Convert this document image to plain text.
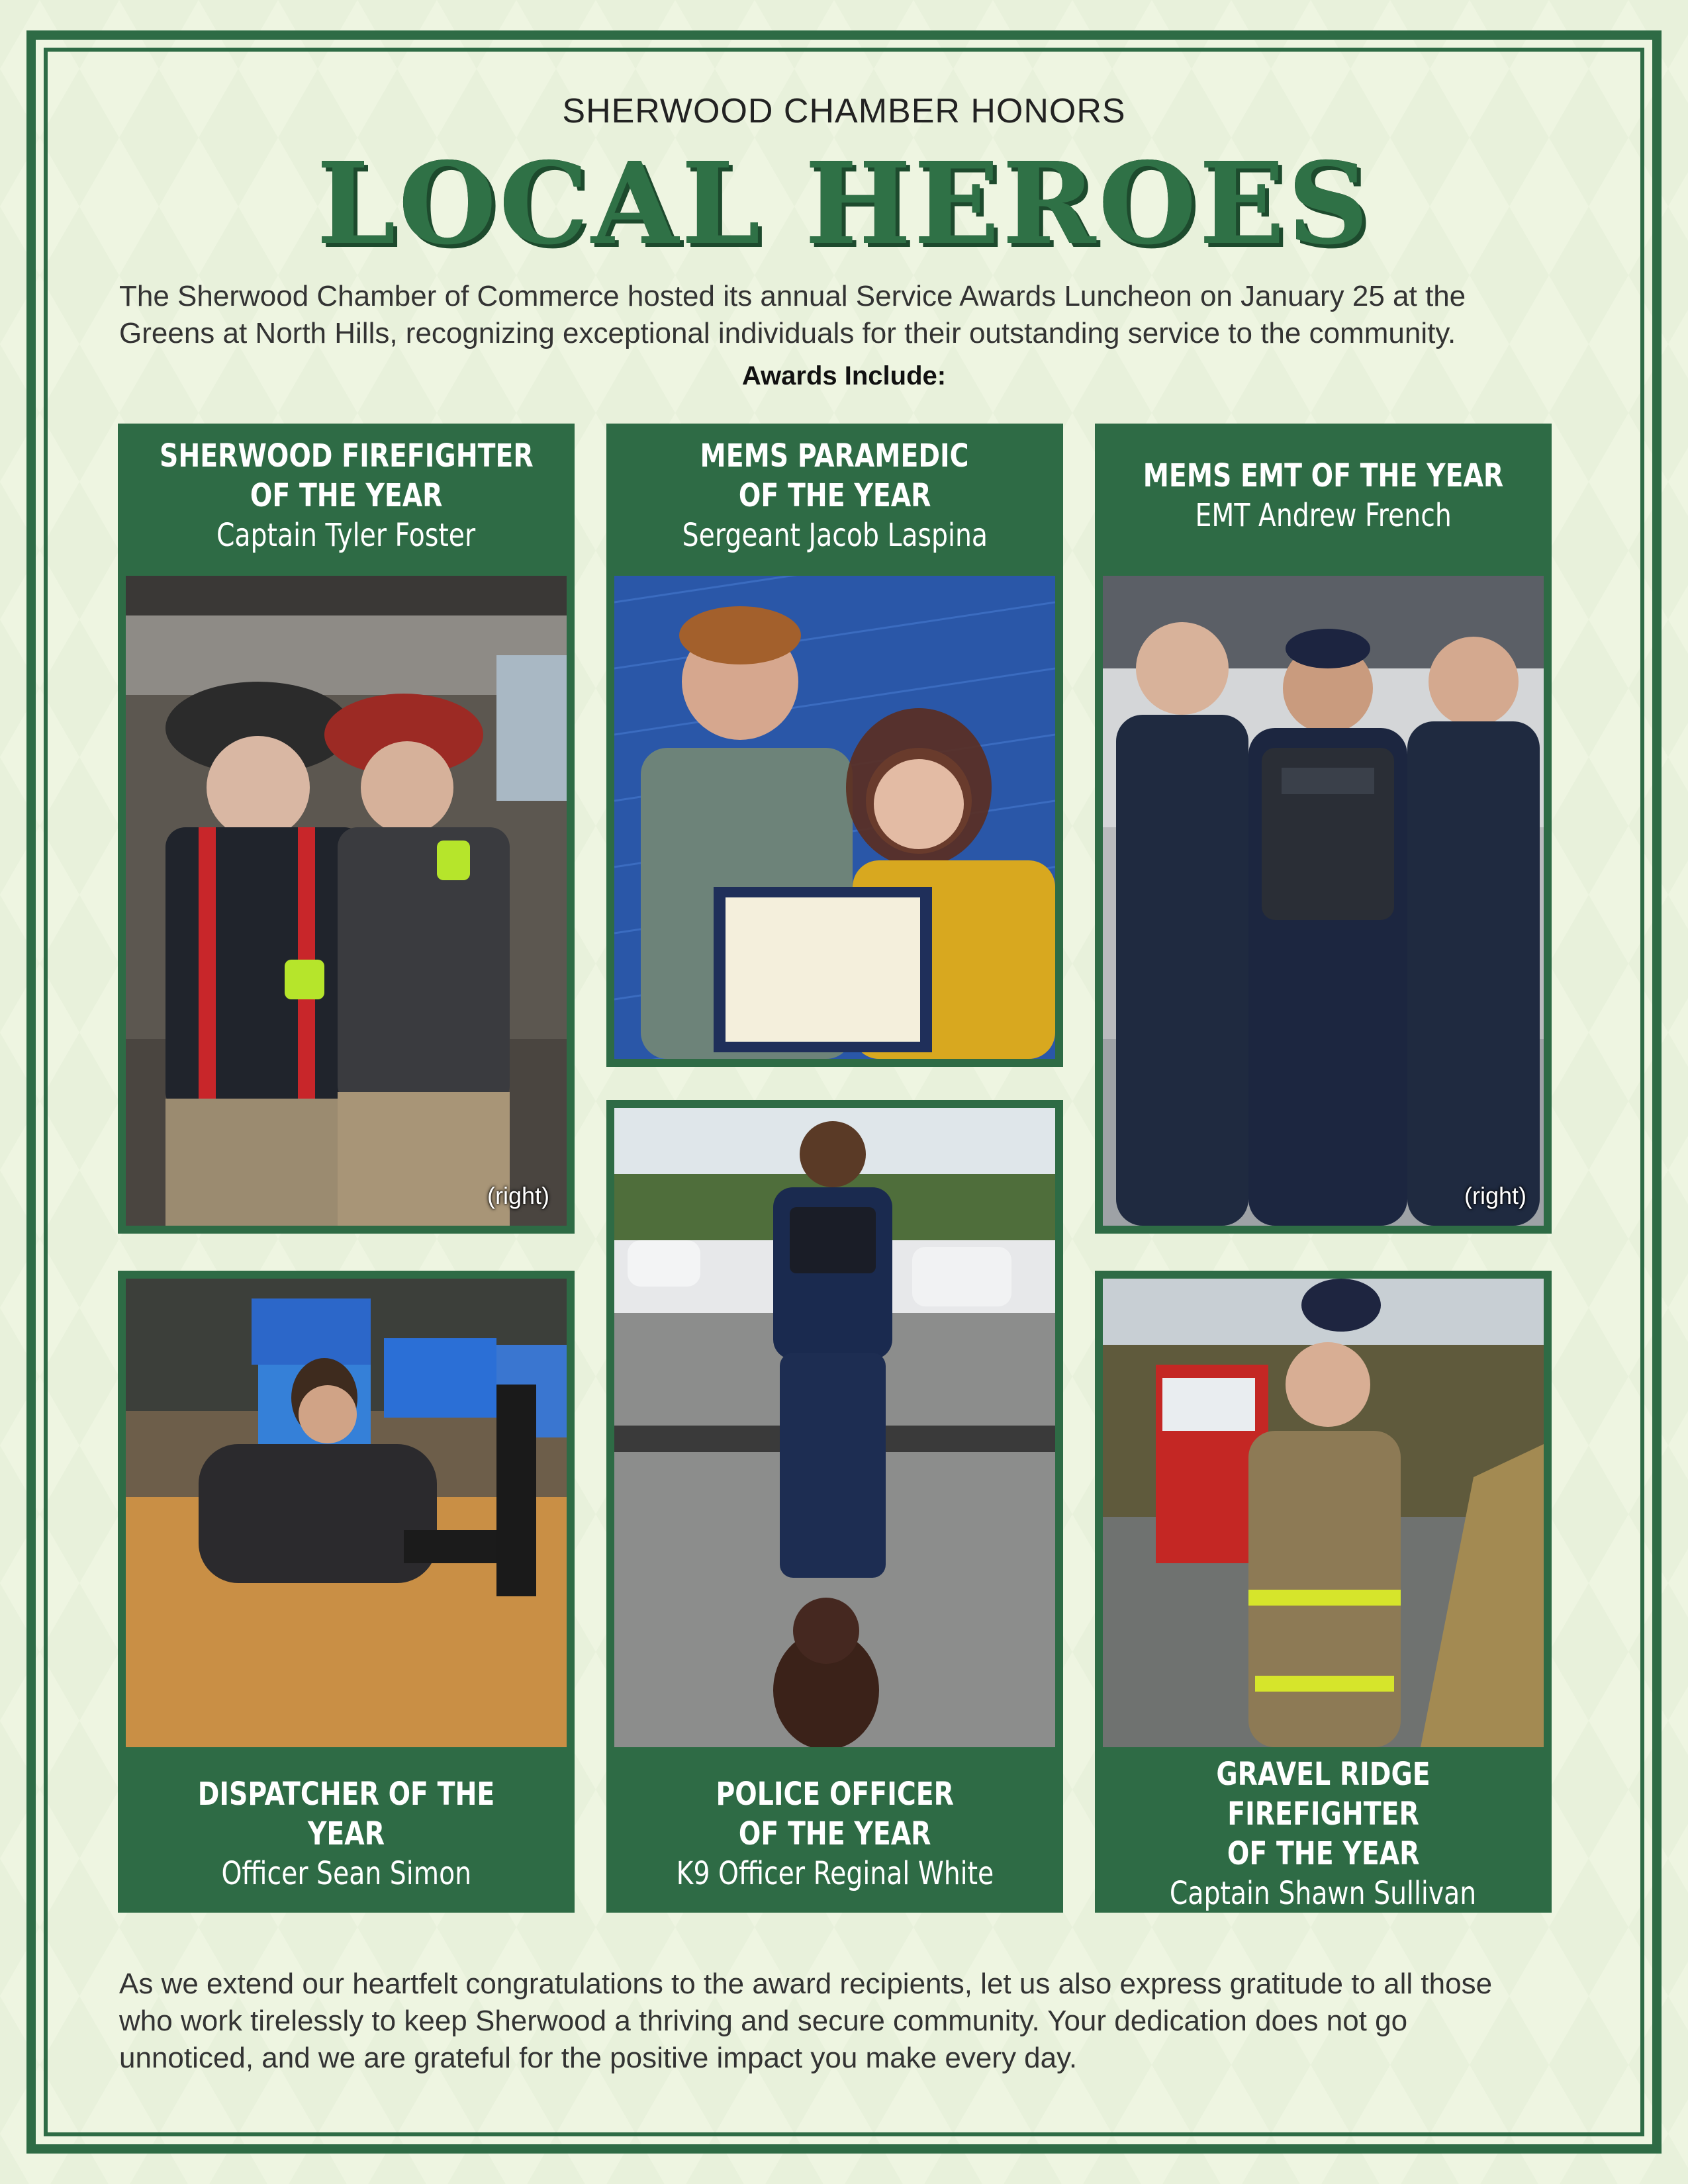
SHERWOOD CHAMBER HONORS
LOCAL HEROES
The Sherwood Chamber of Commerce hosted its annual Service Awards Luncheon on January 25 at the
Greens at North Hills, recognizing exceptional individuals for their outstanding service to the community.
Awards Include:
SHERWOOD FIREFIGHTER
OF THE YEAR
Captain Tyler Foster
(right)
MEMS PARAMEDIC
OF THE YEAR
Sergeant Jacob Laspina
MEMS EMT OF THE YEAR
EMT Andrew French
(right)
POLICE OFFICER
OF THE YEAR
K9 Officer Reginal White
DISPATCHER OF THE YEAR
Officer Sean Simon
GRAVEL RIDGE FIREFIGHTER
OF THE YEAR
Captain Shawn Sullivan
As we extend our heartfelt congratulations to the award recipients, let us also express gratitude to all those
who work tirelessly to keep Sherwood a thriving and secure community. Your dedication does not go
unnoticed, and we are grateful for the positive impact you make every day.
